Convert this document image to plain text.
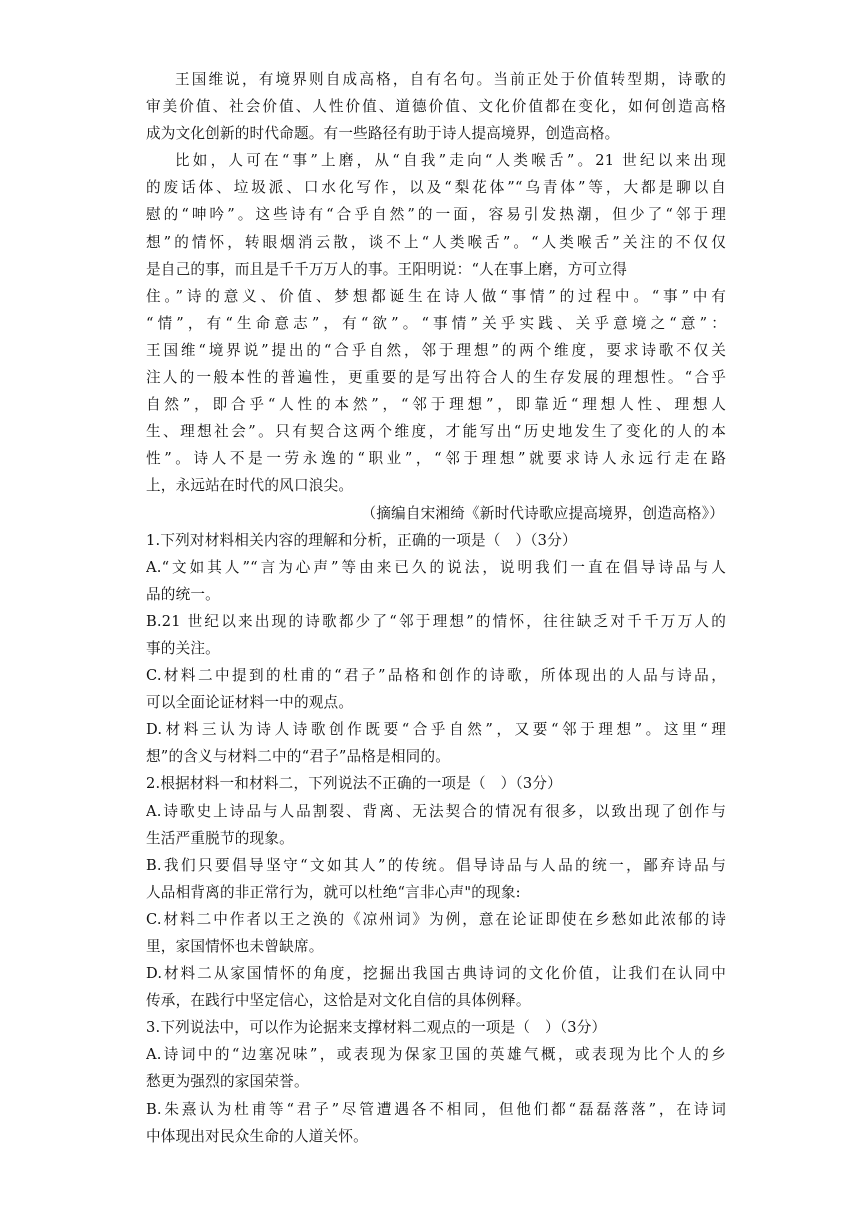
王国维说，有境界则自成高格，自有名句。当前正处于价值转型期，诗歌的
审美价值、社会价值、人性价值、道德价值、文化价值都在变化，如何创造高格
成为文化创新的时代命题。有一些路径有助于诗人提高境界，创造高格。
比如，人可在“事”上磨，从“自我”走向“人类喉舌”。21 世纪以来出现
的废话体、垃圾派、口水化写作，以及“梨花体”“乌青体”等，大都是聊以自
慰的“呻吟”。这些诗有“合乎自然”的一面，容易引发热潮，但少了“邻于理
想”的情怀，转眼烟消云散，谈不上“人类喉舌”。“人类喉舌”关注的不仅仅
是自己的事，而且是千千万万人的事。王阳明说：“人在事上磨，方可立得
住。”诗的意义、价值、梦想都诞生在诗人做“事情”的过程中。“事”中有
“情”，有“生命意志”，有“欲”。“事情”关乎实践、关乎意境之“意”：
王国维“境界说”提出的“合乎自然，邻于理想”的两个维度，要求诗歌不仅关
注人的一般本性的普遍性，更重要的是写出符合人的生存发展的理想性。“合乎
自然”，即合乎“人性的本然”，“邻于理想”，即靠近“理想人性、理想人
生、理想社会”。只有契合这两个维度，才能写出“历史地发生了变化的人的本
性”。诗人不是一劳永逸的“职业”，“邻于理想”就要求诗人永远行走在路
上，永远站在时代的风口浪尖。
（摘编自宋湘绮《新时代诗歌应提高境界，创造高格》）
1.下列对材料相关内容的理解和分析，正确的一项是（　）（3分）
A.“文如其人”“言为心声”等由来已久的说法，说明我们一直在倡导诗品与人
品的统一。
B.21 世纪以来出现的诗歌都少了“邻于理想”的情怀，往往缺乏对千千万万人的
事的关注。
C.材料二中提到的杜甫的“君子”品格和创作的诗歌，所体现出的人品与诗品，
可以全面论证材料一中的观点。
D.材料三认为诗人诗歌创作既要“合乎自然”，又要“邻于理想”。这里“理
想”的含义与材料二中的“君子”品格是相同的。
2.根据材料一和材料二，下列说法不正确的一项是（　）（3分）
A.诗歌史上诗品与人品割裂、背离、无法契合的情况有很多，以致出现了创作与
生活严重脱节的现象。
B.我们只要倡导坚守“文如其人”的传统。倡导诗品与人品的统一，鄙弃诗品与
人品相背离的非正常行为，就可以杜绝“言非心声"的现象:
C.材料二中作者以王之涣的《凉州词》为例，意在论证即使在乡愁如此浓郁的诗
里，家国情怀也未曾缺席。
D.材料二从家国情怀的角度，挖掘出我国古典诗词的文化价值，让我们在认同中
传承，在践行中坚定信心，这恰是对文化自信的具体例释。
3.下列说法中，可以作为论据来支撑材料二观点的一项是（　）（3分）
A.诗词中的“边塞况味”，或表现为保家卫国的英雄气概，或表现为比个人的乡
愁更为强烈的家国荣誉。
B.朱熹认为杜甫等“君子”尽管遭遇各不相同，但他们都“磊磊落落”，在诗词
中体现出对民众生命的人道关怀。
